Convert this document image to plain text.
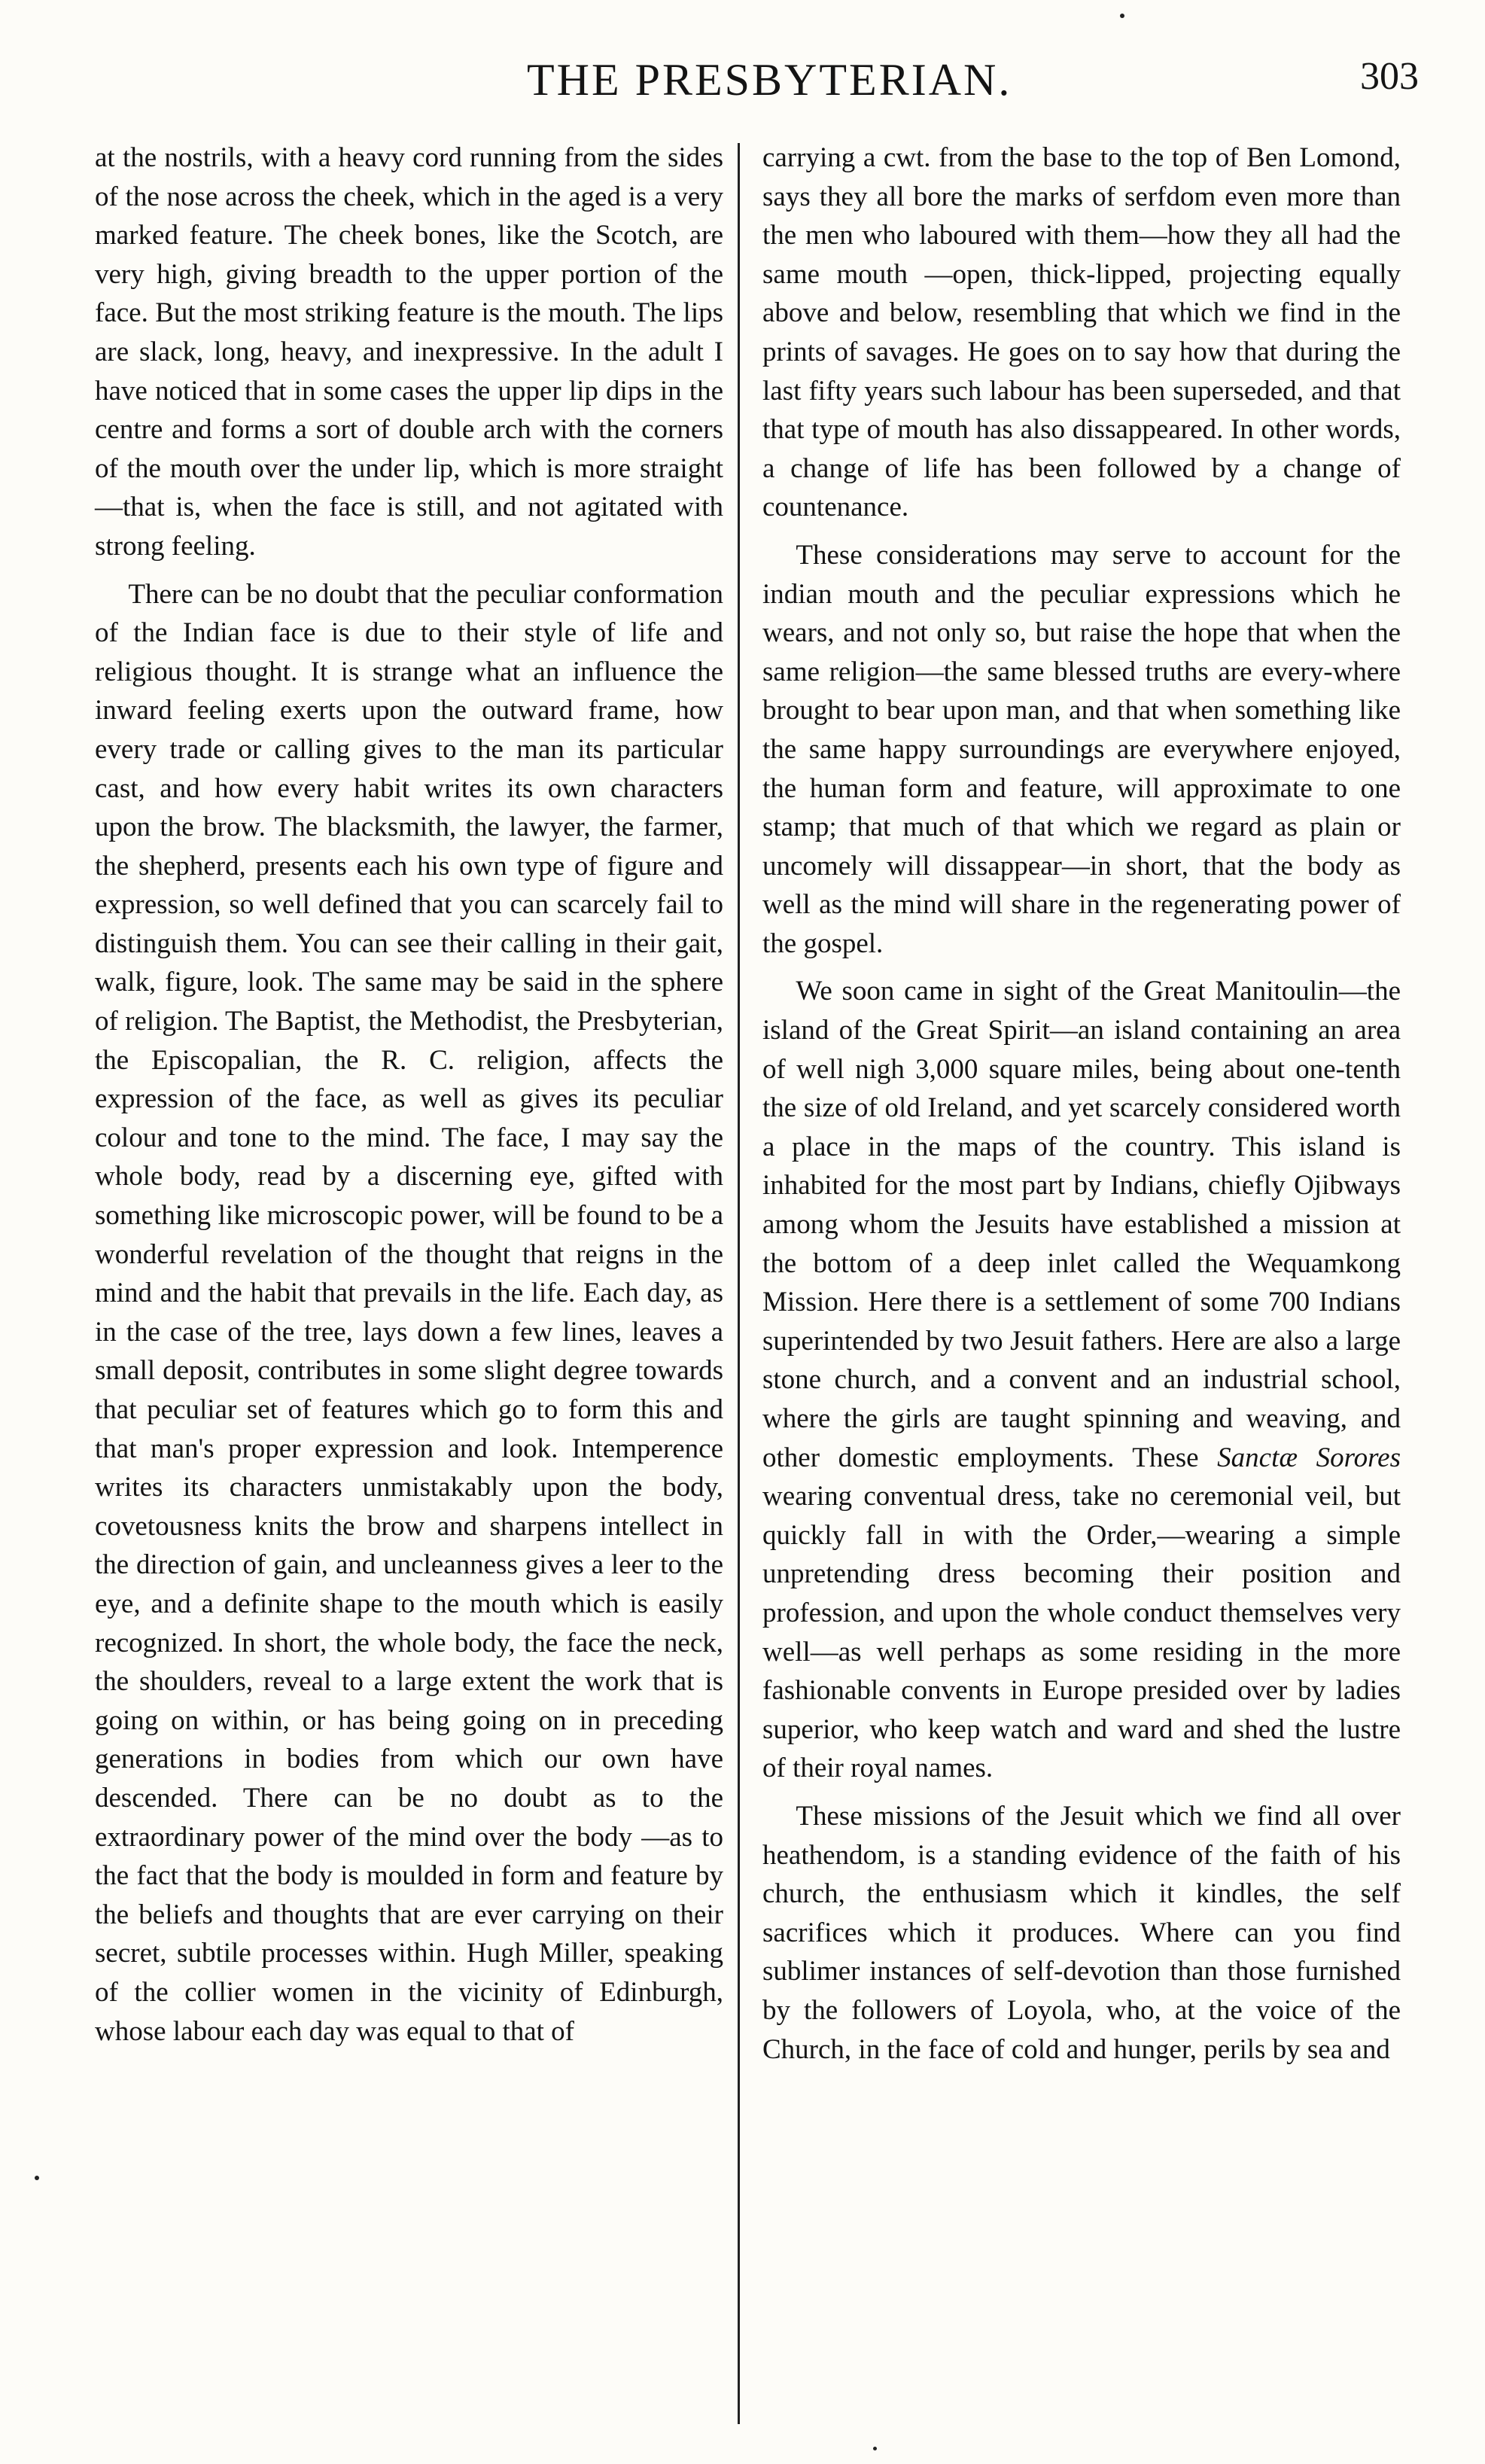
THE PRESBYTERIAN.	303

at the nostrils, with a heavy cord running from the sides of the nose across the cheek, which in the aged is a very marked feature. The cheek bones, like the Scotch, are very high, giving breadth to the upper portion of the face. But the most striking feature is the mouth. The lips are slack, long, heavy, and inexpressive. In the adult I have noticed that in some cases the upper lip dips in the centre and forms a sort of double arch with the corners of the mouth over the under lip, which is more straight —that is, when the face is still, and not agitated with strong feeling.

There can be no doubt that the peculiar conformation of the Indian face is due to their style of life and religious thought. It is strange what an influence the inward feeling exerts upon the outward frame, how every trade or calling gives to the man its particular cast, and how every habit writes its own characters upon the brow. The blacksmith, the lawyer, the farmer, the shepherd, presents each his own type of figure and expression, so well defined that you can scarcely fail to distinguish them. You can see their calling in their gait, walk, figure, look. The same may be said in the sphere of religion. The Baptist, the Methodist, the Presbyterian, the Episcopalian, the R. C. religion, affects the expression of the face, as well as gives its peculiar colour and tone to the mind. The face, I may say the whole body, read by a discerning eye, gifted with something like microscopic power, will be found to be a wonderful revelation of the thought that reigns in the mind and the habit that prevails in the life. Each day, as in the case of the tree, lays down a few lines, leaves a small deposit, contributes in some slight degree towards that peculiar set of features which go to form this and that man's proper expression and look. Intemperence writes its characters unmistakably upon the body, covetousness knits the brow and sharpens intellect in the direction of gain, and uncleanness gives a leer to the eye, and a definite shape to the mouth which is easily recognized. In short, the whole body, the face the neck, the shoulders, reveal to a large extent the work that is going on within, or has being going on in preceding generations in bodies from which our own have descended. There can be no doubt as to the extraordinary power of the mind over the body —as to the fact that the body is moulded in form and feature by the beliefs and thoughts that are ever carrying on their secret, subtile processes within. Hugh Miller, speaking of the collier women in the vicinity of Edinburgh, whose labour each day was equal to that of

carrying a cwt. from the base to the top of Ben Lomond, says they all bore the marks of serfdom even more than the men who laboured with them—how they all had the same mouth —open, thick-lipped, projecting equally above and below, resembling that which we find in the prints of savages. He goes on to say how that during the last fifty years such labour has been superseded, and that that type of mouth has also dissappeared. In other words, a change of life has been followed by a change of countenance.

These considerations may serve to account for the indian mouth and the peculiar expressions which he wears, and not only so, but raise the hope that when the same religion—the same blessed truths are every-where brought to bear upon man, and that when something like the same happy surroundings are everywhere enjoyed, the human form and feature, will approximate to one stamp; that much of that which we regard as plain or uncomely will dissappear—in short, that the body as well as the mind will share in the regenerating power of the gospel.

We soon came in sight of the Great Manitoulin—the island of the Great Spirit—an island containing an area of well nigh 3,000 square miles, being about one-tenth the size of old Ireland, and yet scarcely considered worth a place in the maps of the country. This island is inhabited for the most part by Indians, chiefly Ojibways among whom the Jesuits have established a mission at the bottom of a deep inlet called the Wequamkong Mission. Here there is a settlement of some 700 Indians superintended by two Jesuit fathers. Here are also a large stone church, and a convent and an industrial school, where the girls are taught spinning and weaving, and other domestic employments. These Sanctæ Sorores wearing conventual dress, take no ceremonial veil, but quickly fall in with the Order,—wearing a simple unpretending dress becoming their position and profession, and upon the whole conduct themselves very well—as well perhaps as some residing in the more fashionable convents in Europe presided over by ladies superior, who keep watch and ward and shed the lustre of their royal names.

These missions of the Jesuit which we find all over heathendom, is a standing evidence of the faith of his church, the enthusiasm which it kindles, the self sacrifices which it produces. Where can you find sublimer instances of self-devotion than those furnished by the followers of Loyola, who, at the voice of the Church, in the face of cold and hunger, perils by sea and
